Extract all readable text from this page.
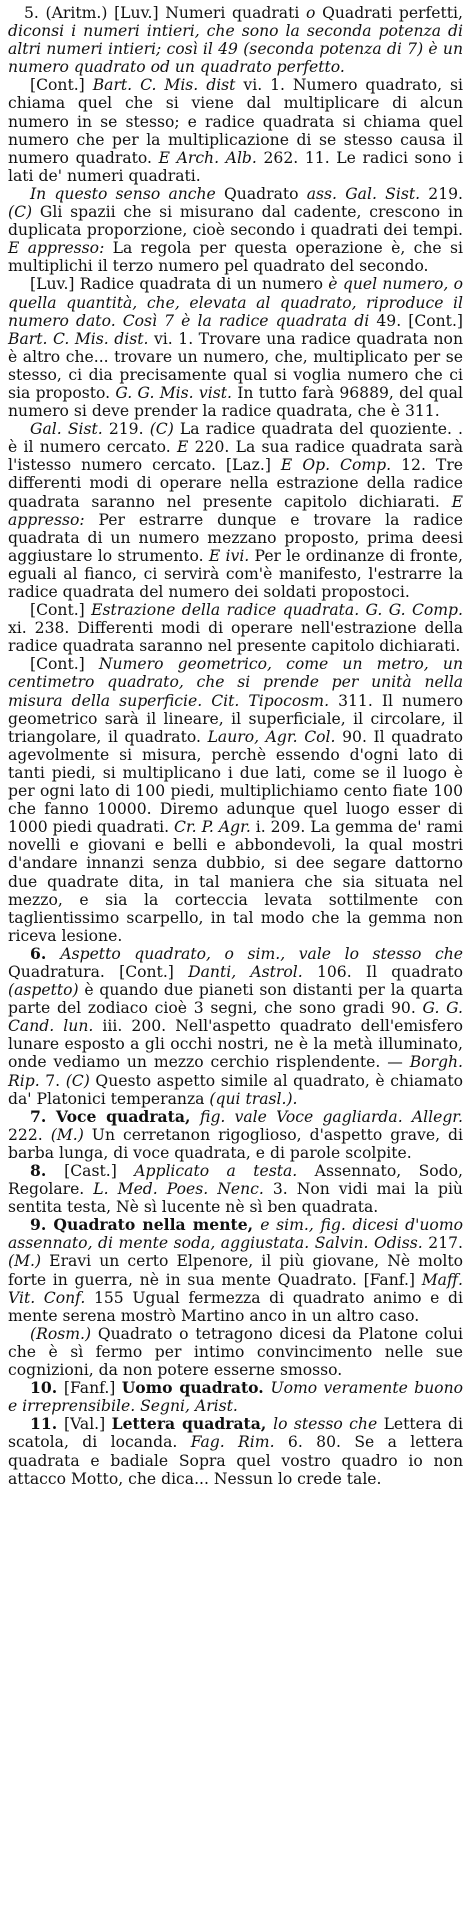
5. (Aritm.) [Luv.] Numeri quadrati o Quadrati perfetti, diconsi i numeri intieri, che sono la seconda potenza di altri numeri intieri; così il 49 (seconda potenza di 7) è un numero quadrato od un quadrato perfetto.

[Cont.] Bart. C. Mis. dist vi. 1. Numero quadrato, si chiama quel che si viene dal multiplicare di alcun numero in se stesso; e radice quadrata si chiama quel numero che per la multiplicazione di se stesso causa il numero quadrato. E Arch. Alb. 262. 11. Le radici sono i lati de' numeri quadrati.

In questo senso anche Quadrato ass. Gal. Sist. 219. (C) Gli spazii che si misurano dal cadente, crescono in duplicata proporzione, cioè secondo i quadrati dei tempi. E appresso: La regola per questa operazione è, che si multiplichi il terzo numero pel quadrato del secondo.

[Luv.] Radice quadrata di un numero è quel numero, o quella quantità, che, elevata al quadrato, riproduce il numero dato. Così 7 è la radice quadrata di 49. [Cont.] Bart. C. Mis. dist. vi. 1. Trovare una radice quadrata non è altro che... trovare un numero, che, multiplicato per se stesso, ci dia precisamente qual si voglia numero che ci sia proposto. G. G. Mis. vist. In tutto farà 96889, del qual numero si deve prender la radice quadrata, che è 311.

Gal. Sist. 219. (C) La radice quadrata del quoziente. . è il numero cercato. E 220. La sua radice quadrata sarà l'istesso numero cercato. [Laz.] E Op. Comp. 12. Tre differenti modi di operare nella estrazione della radice quadrata saranno nel presente capitolo dichiarati. E appresso: Per estrarre dunque e trovare la radice quadrata di un numero mezzano proposto, prima deesi aggiustare lo strumento. E ivi. Per le ordinanze di fronte, eguali al fianco, ci servirà com'è manifesto, l'estrarre la radice quadrata del numero dei soldati propostoci.

[Cont.] Estrazione della radice quadrata. G. G. Comp. xi. 238. Differenti modi di operare nell'estrazione della radice quadrata saranno nel presente capitolo dichiarati.

[Cont.] Numero geometrico, come un metro, un centimetro quadrato, che si prende per unità nella misura della superficie. Cit. Tipocosm. 311. Il numero geometrico sarà il lineare, il superficiale, il circolare, il triangolare, il quadrato. Lauro, Agr. Col. 90. Il quadrato agevolmente si misura, perchè essendo d'ogni lato di tanti piedi, si multiplicano i due lati, come se il luogo è per ogni lato di 100 piedi, multiplichiamo cento fiate 100 che fanno 10000. Diremo adunque quel luogo esser di 1000 piedi quadrati. Cr. P. Agr. i. 209. La gemma de' rami novelli e giovani e belli e abbondevoli, la qual mostri d'andare innanzi senza dubbio, si dee segare dattorno due quadrate dita, in tal maniera che sia situata nel mezzo, e sia la corteccia levata sottilmente con taglientissimo scarpello, in tal modo che la gemma non riceva lesione.

6. Aspetto quadrato, o sim., vale lo stesso che Quadratura. [Cont.] Danti, Astrol. 106. Il quadrato (aspetto) è quando due pianeti son distanti per la quarta parte del zodiaco cioè 3 segni, che sono gradi 90. G. G. Cand. lun. iii. 200. Nell'aspetto quadrato dell'emisfero lunare esposto a gli occhi nostri, ne è la metà illuminato, onde vediamo un mezzo cerchio risplendente. — Borgh. Rip. 7. (C) Questo aspetto simile al quadrato, è chiamato da' Platonici temperanza (qui trasl.).

7. Voce quadrata, fig. vale Voce gagliarda. Allegr. 222. (M.) Un cerretanon rigoglioso, d'aspetto grave, di barba lunga, di voce quadrata, e di parole scolpite.

8. [Cast.] Applicato a testa. Assennato, Sodo, Regolare. L. Med. Poes. Nenc. 3. Non vidi mai la più sentita testa, Nè sì lucente nè sì ben quadrata.

9. Quadrato nella mente, e sim., fig. dicesi d'uomo assennato, di mente soda, aggiustata. Salvin. Odiss. 217. (M.) Eravi un certo Elpenore, il più giovane, Nè molto forte in guerra, nè in sua mente Quadrato. [Fanf.] Maff. Vit. Conf. 155 Ugual fermezza di quadrato animo e di mente serena mostrò Martino anco in un altro caso.

(Rosm.) Quadrato o tetragono dicesi da Platone colui che è sì fermo per intimo convincimento nelle sue cognizioni, da non potere esserne smosso.

10. [Fanf.] Uomo quadrato. Uomo veramente buono e irreprensibile. Segni, Arist.

11. [Val.] Lettera quadrata, lo stesso che Lettera di scatola, di locanda. Fag. Rim. 6. 80. Se a lettera quadrata e badiale Sopra quel vostro quadro io non attacco Motto, che dica... Nessun lo crede tale.
